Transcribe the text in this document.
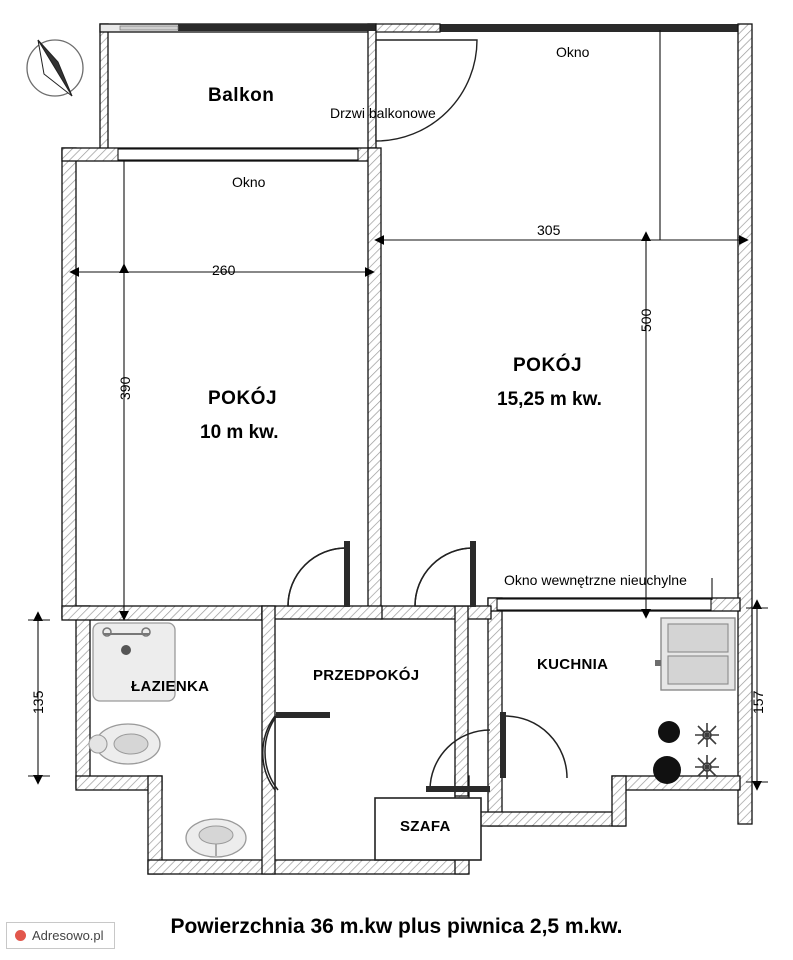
Balkon
Drzwi balkonowe
Okno
Okno
Okno wewnętrzne nieuchylne
POKÓJ
10 m kw.
POKÓJ
15,25 m kw.
ŁAZIENKA
PRZEDPOKÓJ
KUCHNIA
SZAFA
305
260
500
390
135	157
Powierzchnia 36 m.kw plus piwnica 2,5 m.kw.
Adresowo.pl
